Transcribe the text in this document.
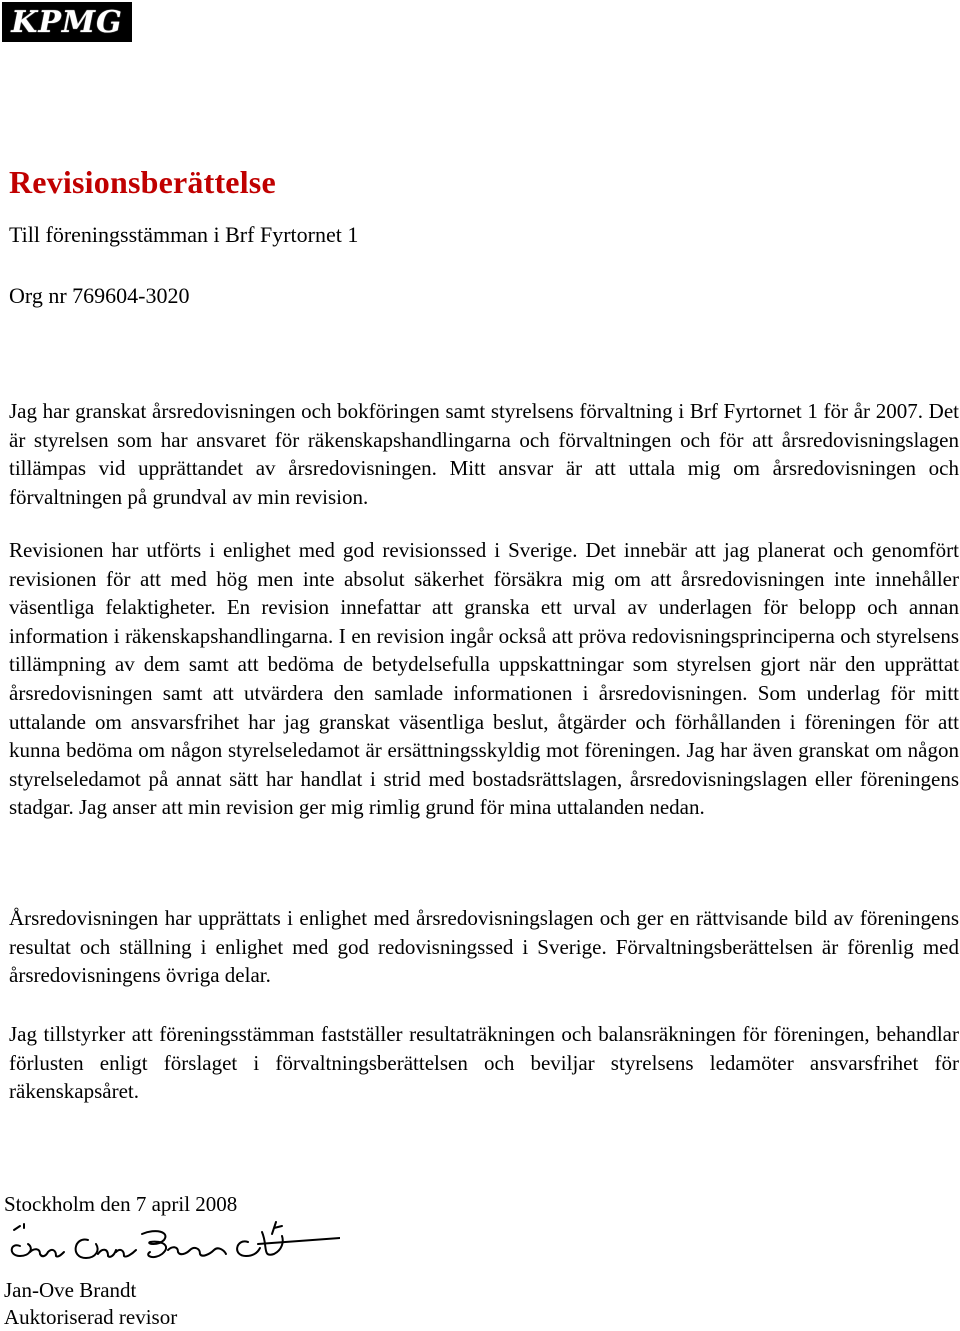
KPMG
Revisionsberättelse

Till föreningsstämman i Brf Fyrtornet 1

Org nr 769604-3020

Jag har granskat årsredovisningen och bokföringen samt styrelsens förvaltning i Brf Fyrtornet 1 för år 2007. Det är styrelsen som har ansvaret för räkenskapshandlingarna och förvaltningen och för att årsredovisningslagen tillämpas vid upprättandet av årsredovisningen. Mitt ansvar är att uttala mig om årsredovisningen och förvaltningen på grundval av min revision.

Revisionen har utförts i enlighet med god revisionssed i Sverige. Det innebär att jag planerat och genomfört revisionen för att med hög men inte absolut säkerhet försäkra mig om att årsredovisningen inte innehåller väsentliga felaktigheter. En revision innefattar att granska ett urval av underlagen för belopp och annan information i räkenskapshandlingarna. I en revision ingår också att pröva redovisningsprinciperna och styrelsens tillämpning av dem samt att bedöma de betydelsefulla uppskattningar som styrelsen gjort när den upprättat årsredovisningen samt att utvärdera den samlade informationen i årsredovisningen. Som underlag för mitt uttalande om ansvarsfrihet har jag granskat väsentliga beslut, åtgärder och förhållanden i föreningen för att kunna bedöma om någon styrelseledamot är ersättningsskyldig mot föreningen. Jag har även granskat om någon styrelseledamot på annat sätt har handlat i strid med bostadsrättslagen, årsredovisningslagen eller föreningens stadgar. Jag anser att min revision ger mig rimlig grund för mina uttalanden nedan.

Årsredovisningen har upprättats i enlighet med årsredovisningslagen och ger en rättvisande bild av föreningens resultat och ställning i enlighet med god redovisningssed i Sverige. Förvaltningsberättelsen är förenlig med årsredovisningens övriga delar.

Jag tillstyrker att föreningsstämman fastställer resultaträkningen och balansräkningen för föreningen, behandlar förlusten enligt förslaget i förvaltningsberättelsen och beviljar styrelsens ledamöter ansvarsfrihet för räkenskapsåret.

Stockholm den 7 april 2008

Jan-Ove Brandt

Auktoriserad revisor
